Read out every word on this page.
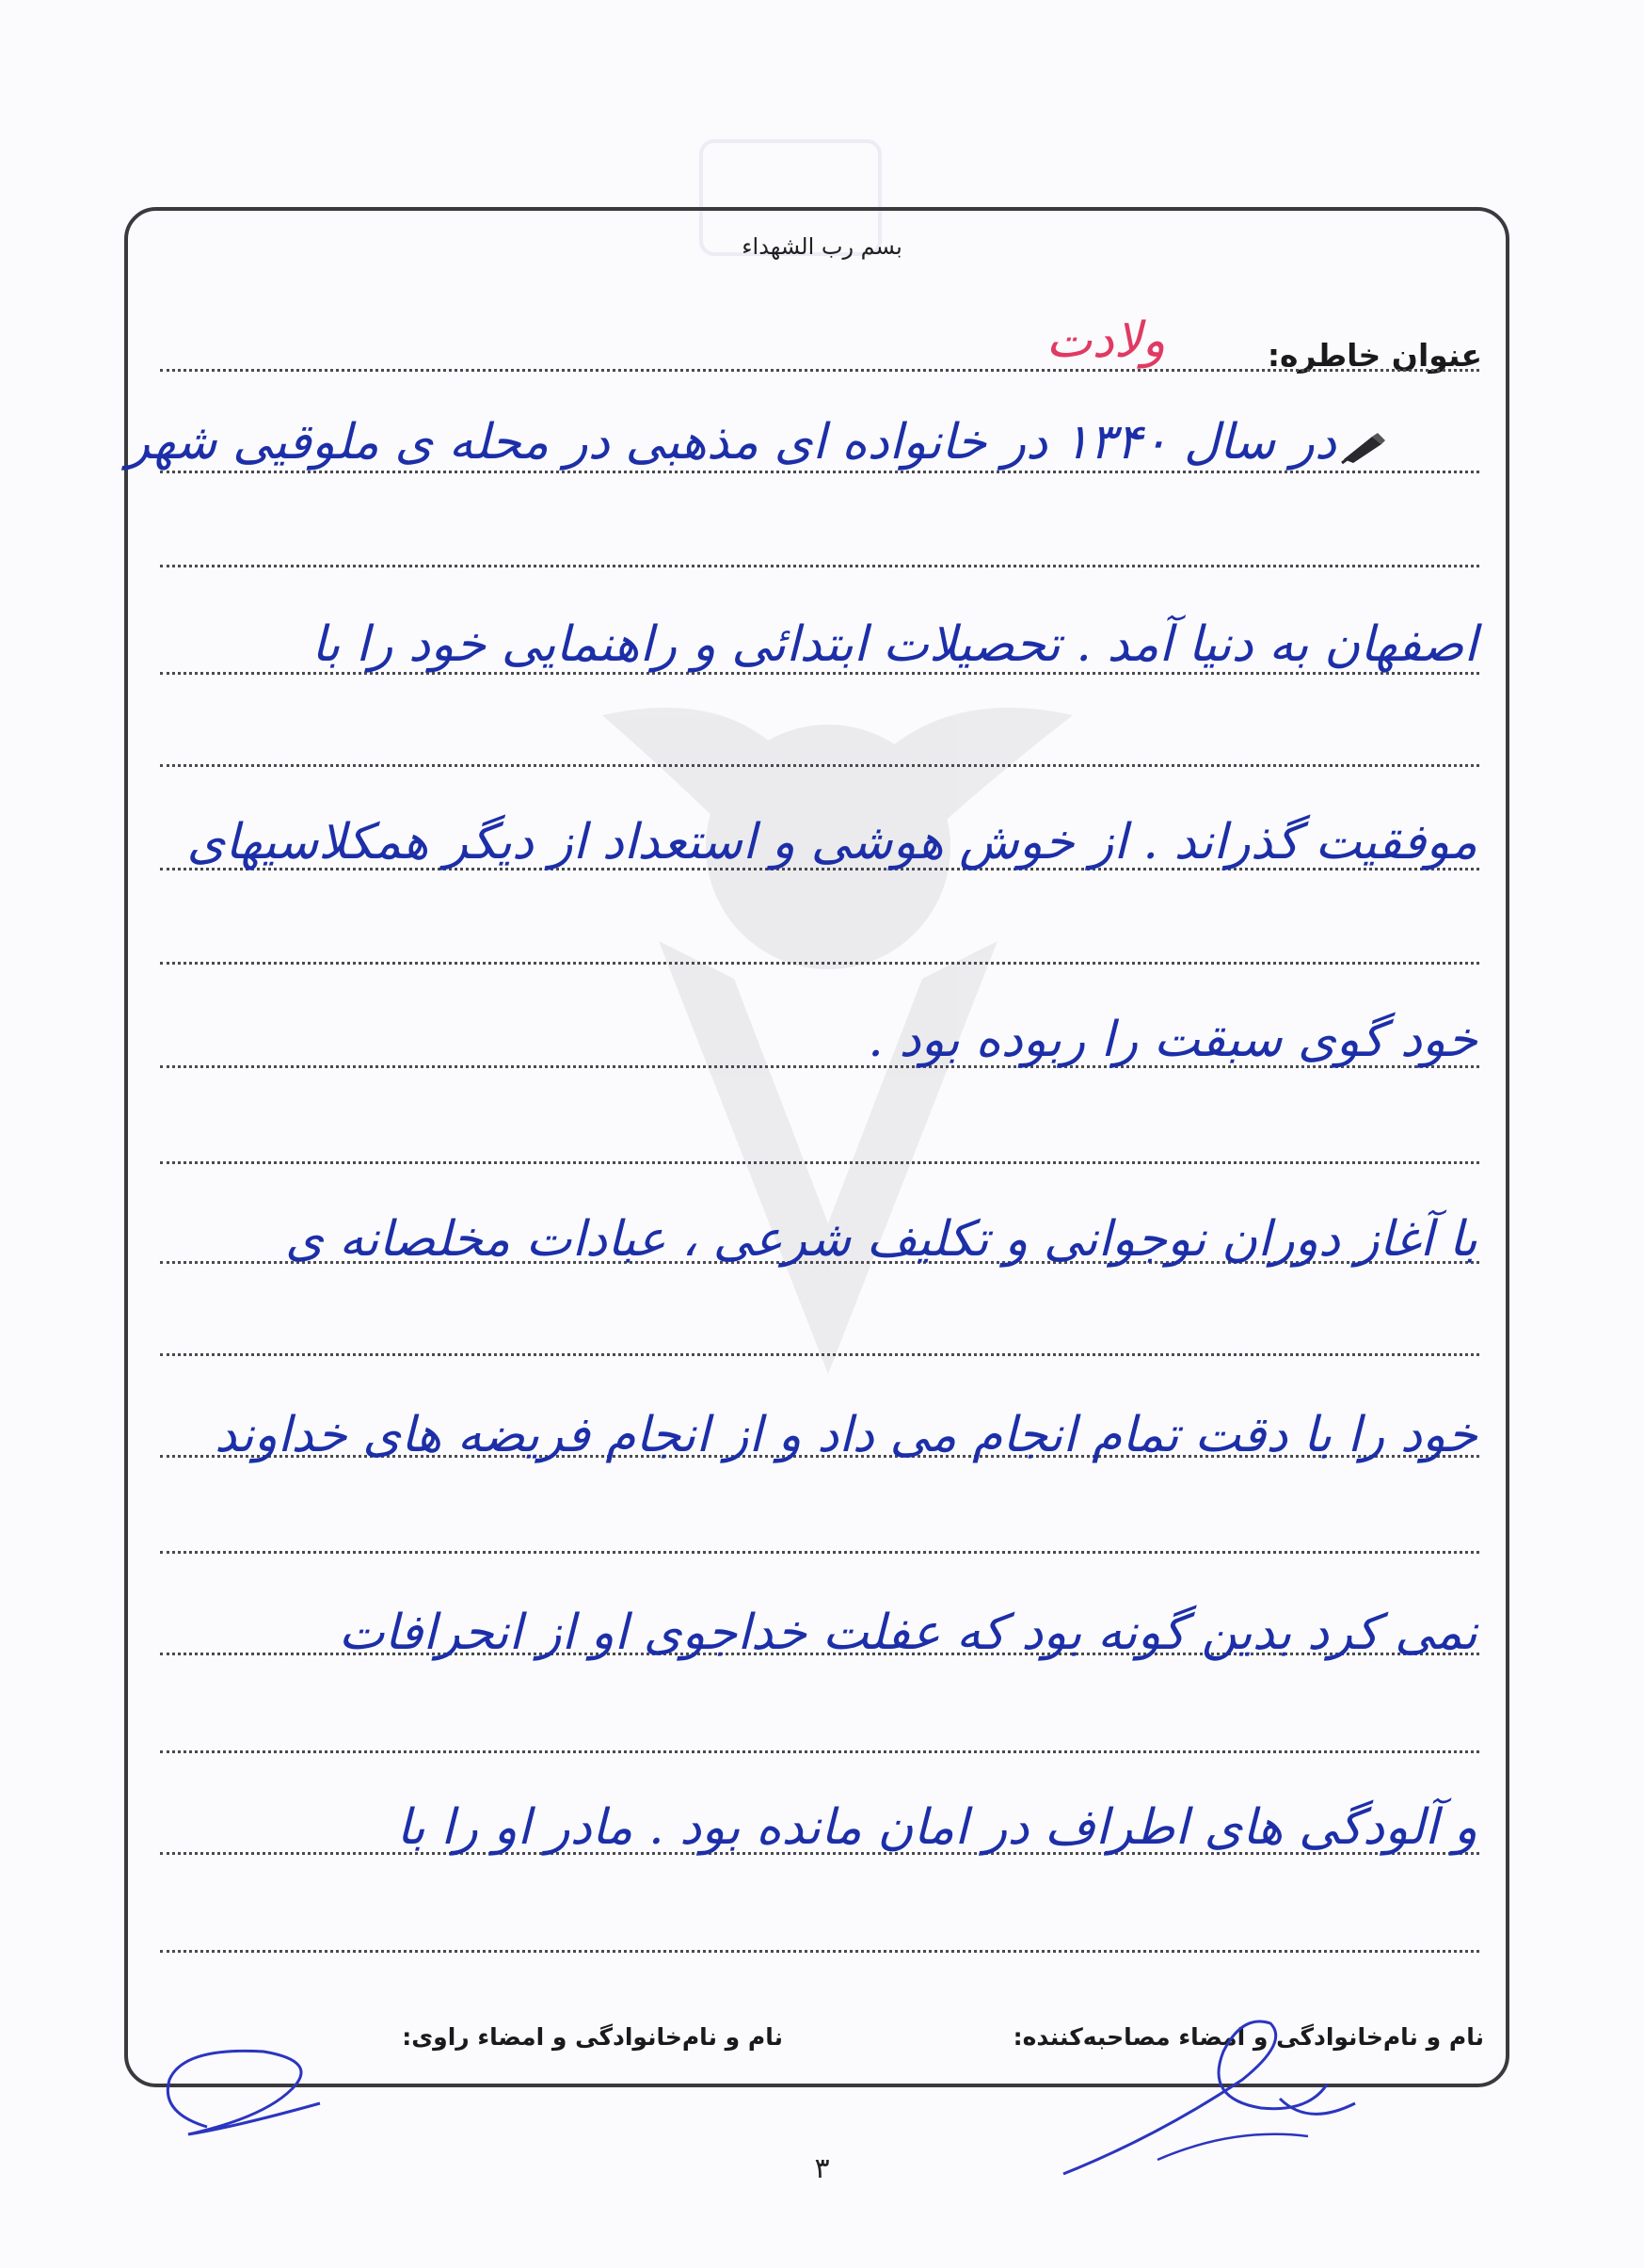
بسم رب الشهداء
عنوان خاطره:
ولادت
در سال ۱۳۴۰ در خانواده ای مذهبی در محله ی ملوقیی شهر
اصفهان به دنیا آمد . تحصیلات ابتدائی و راهنمایی خود را با
موفقیت گذراند . از خوش هوشی و استعداد از دیگر همکلاسیهای
خود گوی سبقت را ربوده بود .
با آغاز دوران نوجوانی و تکلیف شرعی ، عبادات مخلصانه ی
خود را با دقت تمام انجام می داد و از انجام فریضه های خداوند
نمی کرد بدین گونه بود که عفلت خداجوی او از انحرافات
و آلودگی های اطراف در امان مانده بود . مادر او را با
نام و نام‌خانوادگی و امضاء مصاحبه‌کننده:
نام و نام‌خانوادگی و امضاء راوی:
۳
